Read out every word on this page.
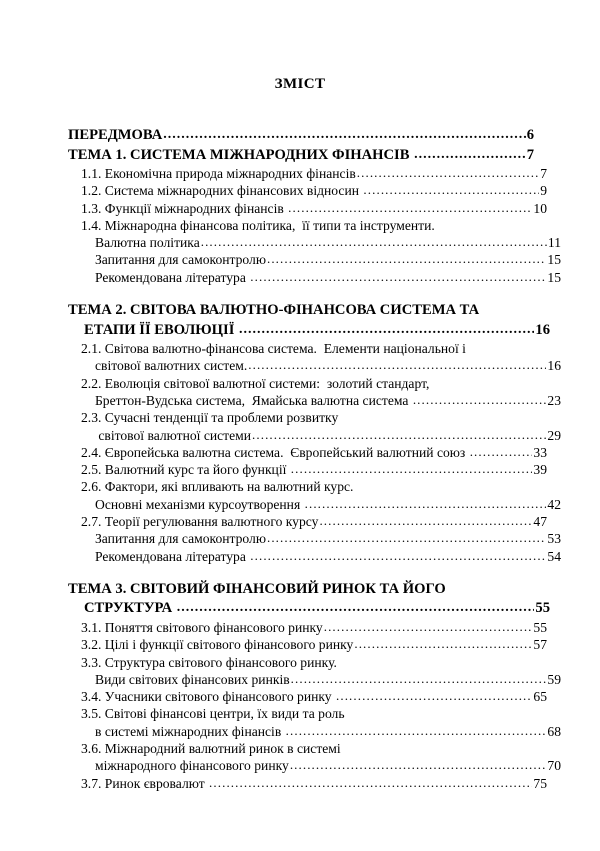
ЗМІСТ
ПЕРЕДМОВА .....	6
ТЕМА 1. СИСТЕМА МІЖНАРОДНИХ ФІНАНСІВ .....	7
1.1. Економічна природа міжнародних фінансів .....	7
1.2. Система міжнародних фінансових відносин .....	9
1.3. Функції міжнародних фінансів .....	10
1.4. Міжнародна фінансова політика,  її типи та інструменти.
Валютна політика .....	11
Запитання для самоконтролю .....	15
Рекомендована література .....	15
ТЕМА 2. СВІТОВА ВАЛЮТНО-ФІНАНСОВА СИСТЕМА ТА
ЕТАПИ ЇЇ ЕВОЛЮЦІЇ .....	16
2.1. Світова валютно-фінансова система.  Елементи національної і
світової валютних систем. .....	16
2.2. Еволюція світової валютної системи:  золотий стандарт,
Бреттон-Вудська система,  Ямайська валютна система .....	23
2.3. Сучасні тенденції та проблеми розвитку
світової валютної системи .....	29
2.4. Європейська валютна система.  Європейський валютний союз .....	33
2.5. Валютний курс та його функції .....	39
2.6. Фактори, які впливають на валютний курс.
Основні механізми курсоутворення .....	42
2.7. Теорії регулювання валютного курсу .....	47
Запитання для самоконтролю .....	53
Рекомендована література .....	54
ТЕМА 3. СВІТОВИЙ ФІНАНСОВИЙ РИНОК ТА ЙОГО
СТРУКТУРА .....	55
3.1. Поняття світового фінансового ринку .....	55
3.2. Цілі і функції світового фінансового ринку .....	57
3.3. Структура світового фінансового ринку.
Види світових фінансових ринків .....	59
3.4. Учасники світового фінансового ринку .....	65
3.5. Світові фінансові центри, їх види та роль
в системі міжнародних фінансів .....	68
3.6. Міжнародний валютний ринок в системі
міжнародного фінансового ринку .....	70
3.7. Ринок євровалют .....	75
